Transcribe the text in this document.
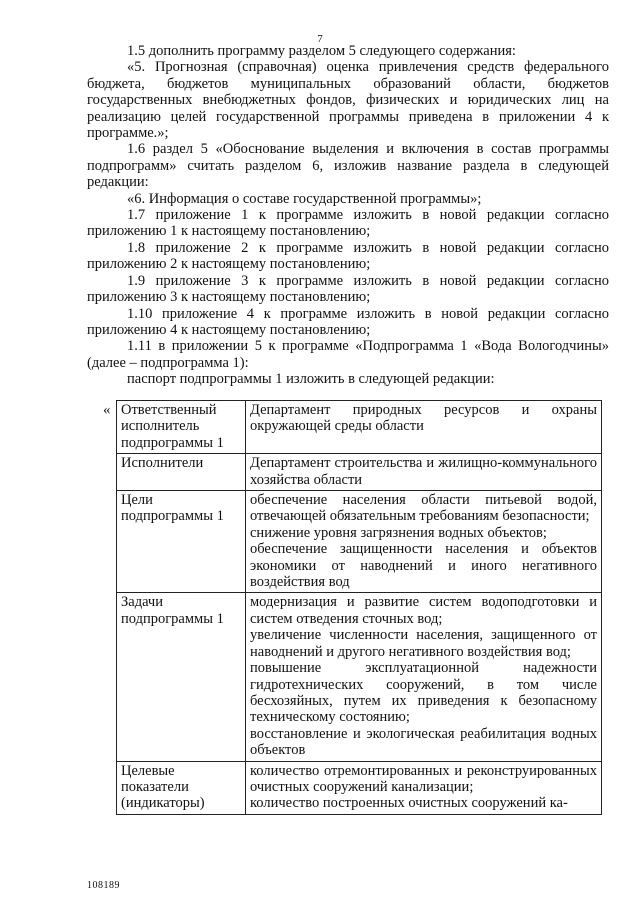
7

1.5 дополнить программу разделом 5 следующего содержания:

«5. Прогнозная (справочная) оценка привлечения средств федерального бюджета, бюджетов муниципальных образований области, бюджетов государственных внебюджетных фондов, физических и юридических лиц на реализацию целей государственной программы приведена в приложении 4 к программе.»;

1.6 раздел 5 «Обоснование выделения и включения в состав программы подпрограмм» считать разделом 6, изложив название раздела в следующей редакции:

«6. Информация о составе государственной программы»;

1.7 приложение 1 к программе изложить в новой редакции согласно приложению 1 к настоящему постановлению;

1.8 приложение 2 к программе изложить в новой редакции согласно приложению 2 к настоящему постановлению;

1.9 приложение 3 к программе изложить в новой редакции согласно приложению 3 к настоящему постановлению;

1.10 приложение 4 к программе изложить в новой редакции согласно приложению 4 к настоящему постановлению;

1.11 в приложении 5 к программе «Подпрограмма 1 «Вода Вологодчины» (далее – подпрограмма 1):

паспорт подпрограммы 1 изложить в следующей редакции:

« Ответственный исполнитель подпрограммы 1	Департамент природных ресурсов и охраны окружающей среды области

Исполнители	Департамент строительства и жилищно-коммунального хозяйства области

Цели подпрограммы 1	обеспечение населения области питьевой водой, отвечающей обязательным требованиям безопасности;
снижение уровня загрязнения водных объектов;
обеспечение защищенности населения и объектов экономики от наводнений и иного негативного воздействия вод

Задачи подпрограммы 1	модернизация и развитие систем водоподготовки и систем отведения сточных вод;
увеличение численности населения, защищенного от наводнений и другого негативного воздействия вод;
повышение эксплуатационной надежности гидротехнических сооружений, в том числе бесхозяйных, путем их приведения к безопасному техническому состоянию;
восстановление и экологическая реабилитация водных объектов

Целевые показатели (индикаторы)	количество отремонтированных и реконструированных очистных сооружений канализации;
количество построенных очистных сооружений ка-
108189
